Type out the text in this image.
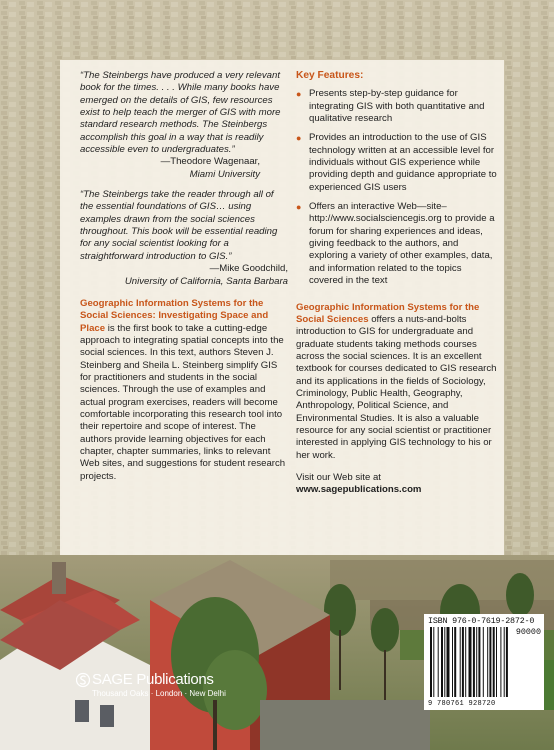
“The Steinbergs have produced a very relevant book for the times. . . . While many books have emerged on the details of GIS, few resources exist to help teach the merger of GIS with more standard research methods. The Steinbergs accomplish this goal in a way that is readily accessible even to undergraduates.”

—Theodore Wagenaar,
Miami University

“The Steinbergs take the reader through all of the essential foundations of GIS… using examples drawn from the social sciences throughout. This book will be essential reading for any social scientist looking for a straightforward introduction to GIS.”

—Mike Goodchild,
University of California, Santa Barbara

Geographic Information Systems for the Social Sciences: Investigating Space and Place is the first book to take a cutting-edge approach to integrating spatial concepts into the social sciences. In this text, authors Steven J. Steinberg and Sheila L. Steinberg simplify GIS for practitioners and students in the social sciences. Through the use of examples and actual program exercises, readers will become comfortable incorporating this research tool into their repertoire and scope of interest. The authors provide learning objectives for each chapter, chapter summaries, links to relevant Web sites, and suggestions for student research projects.

Key Features:

● Presents step-by-step guidance for integrating GIS with both quantitative and qualitative research
● Provides an introduction to the use of GIS technology written at an accessible level for individuals without GIS experience while providing depth and guidance appropriate to experienced GIS users
● Offers an interactive Web—site–http://www.socialsciencegis.org to provide a forum for sharing experiences and ideas, giving feedback to the authors, and exploring a variety of other examples, data, and information related to the topics covered in the text

Geographic Information Systems for the Social Sciences offers a nuts-and-bolts introduction to GIS for undergraduate and graduate students taking methods courses across the social sciences. It is an excellent textbook for courses dedicated to GIS research and its applications in the fields of Sociology, Criminology, Public Health, Geography, Anthropology, Political Science, and Environmental Studies. It is also a valuable resource for any social scientist or practitioner interested in applying GIS technology to his or her work.

Visit our Web site at
www.sagepublications.com

SAGE Publications
Thousand Oaks · London · New Delhi
ISBN 976-0-7619-2872-0
90000
9 780761 928720
